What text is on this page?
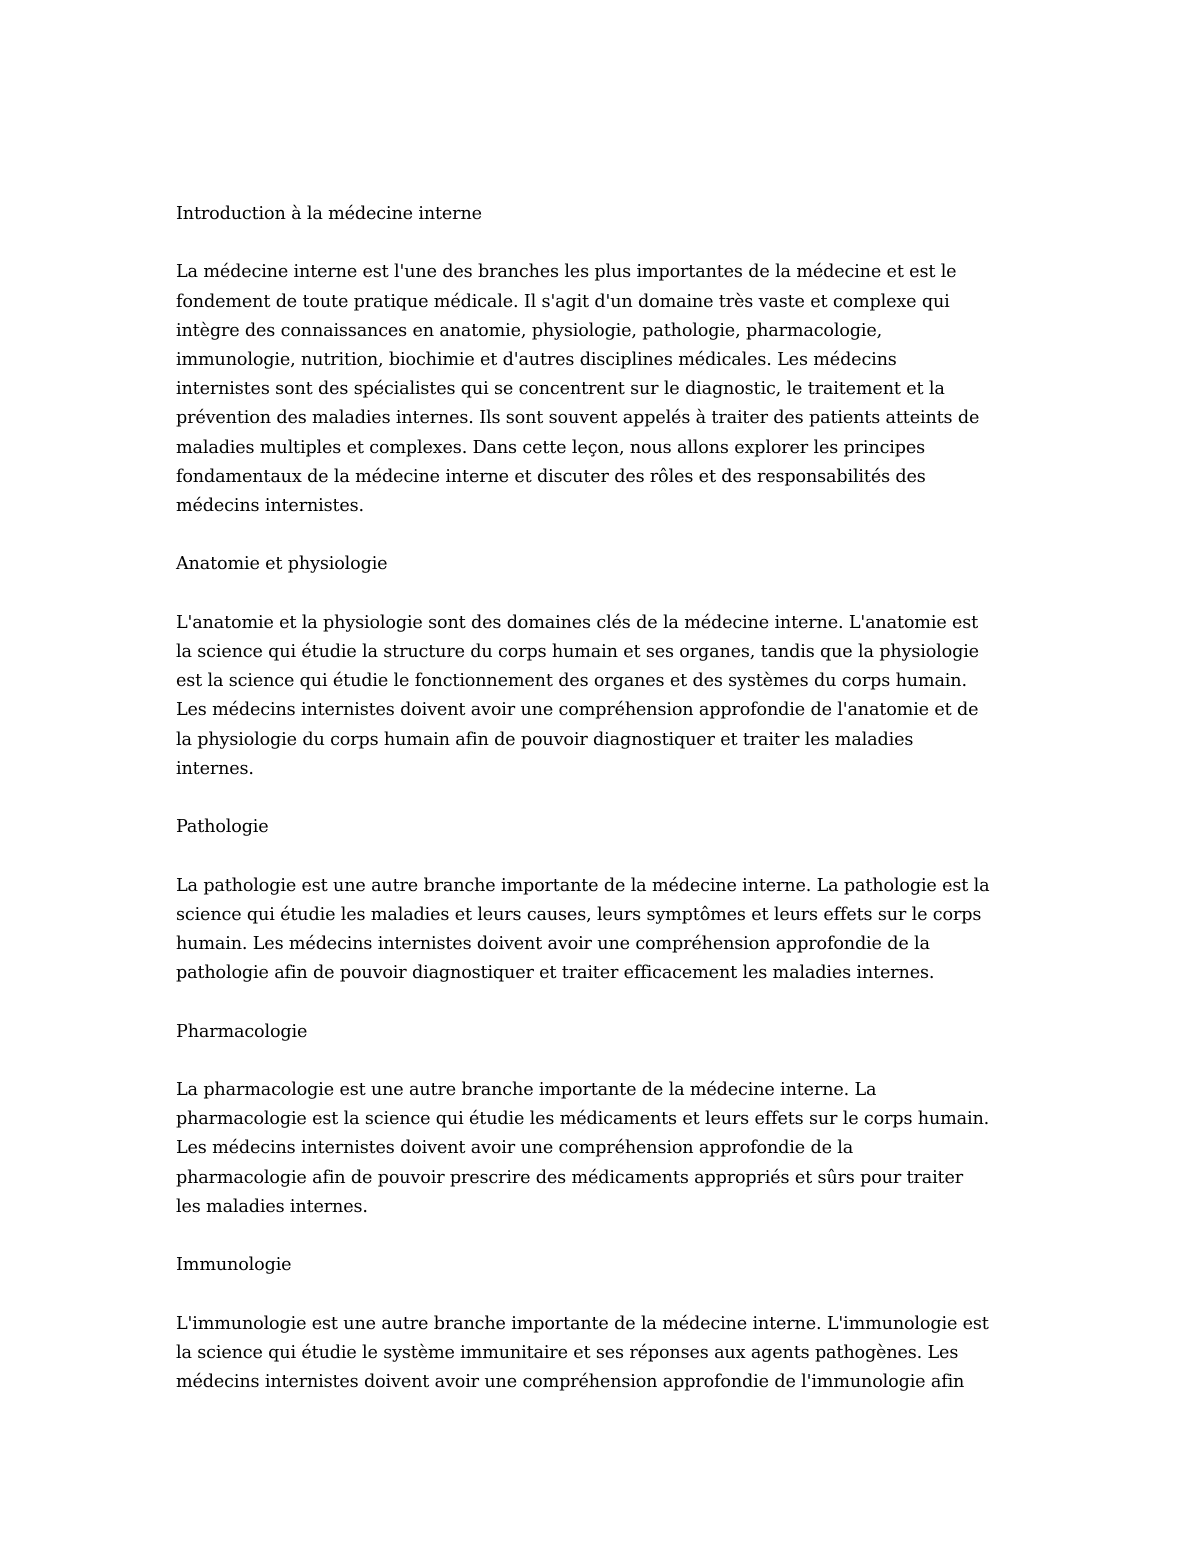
Introduction à la médecine interne
La médecine interne est l'une des branches les plus importantes de la médecine et est le
fondement de toute pratique médicale. Il s'agit d'un domaine très vaste et complexe qui
intègre des connaissances en anatomie, physiologie, pathologie, pharmacologie,
immunologie, nutrition, biochimie et d'autres disciplines médicales. Les médecins
internistes sont des spécialistes qui se concentrent sur le diagnostic, le traitement et la
prévention des maladies internes. Ils sont souvent appelés à traiter des patients atteints de
maladies multiples et complexes. Dans cette leçon, nous allons explorer les principes
fondamentaux de la médecine interne et discuter des rôles et des responsabilités des
médecins internistes.
Anatomie et physiologie
L'anatomie et la physiologie sont des domaines clés de la médecine interne. L'anatomie est
la science qui étudie la structure du corps humain et ses organes, tandis que la physiologie
est la science qui étudie le fonctionnement des organes et des systèmes du corps humain.
Les médecins internistes doivent avoir une compréhension approfondie de l'anatomie et de
la physiologie du corps humain afin de pouvoir diagnostiquer et traiter les maladies
internes.
Pathologie
La pathologie est une autre branche importante de la médecine interne. La pathologie est la
science qui étudie les maladies et leurs causes, leurs symptômes et leurs effets sur le corps
humain. Les médecins internistes doivent avoir une compréhension approfondie de la
pathologie afin de pouvoir diagnostiquer et traiter efficacement les maladies internes.
Pharmacologie
La pharmacologie est une autre branche importante de la médecine interne. La
pharmacologie est la science qui étudie les médicaments et leurs effets sur le corps humain.
Les médecins internistes doivent avoir une compréhension approfondie de la
pharmacologie afin de pouvoir prescrire des médicaments appropriés et sûrs pour traiter
les maladies internes.
Immunologie
L'immunologie est une autre branche importante de la médecine interne. L'immunologie est
la science qui étudie le système immunitaire et ses réponses aux agents pathogènes. Les
médecins internistes doivent avoir une compréhension approfondie de l'immunologie afin
